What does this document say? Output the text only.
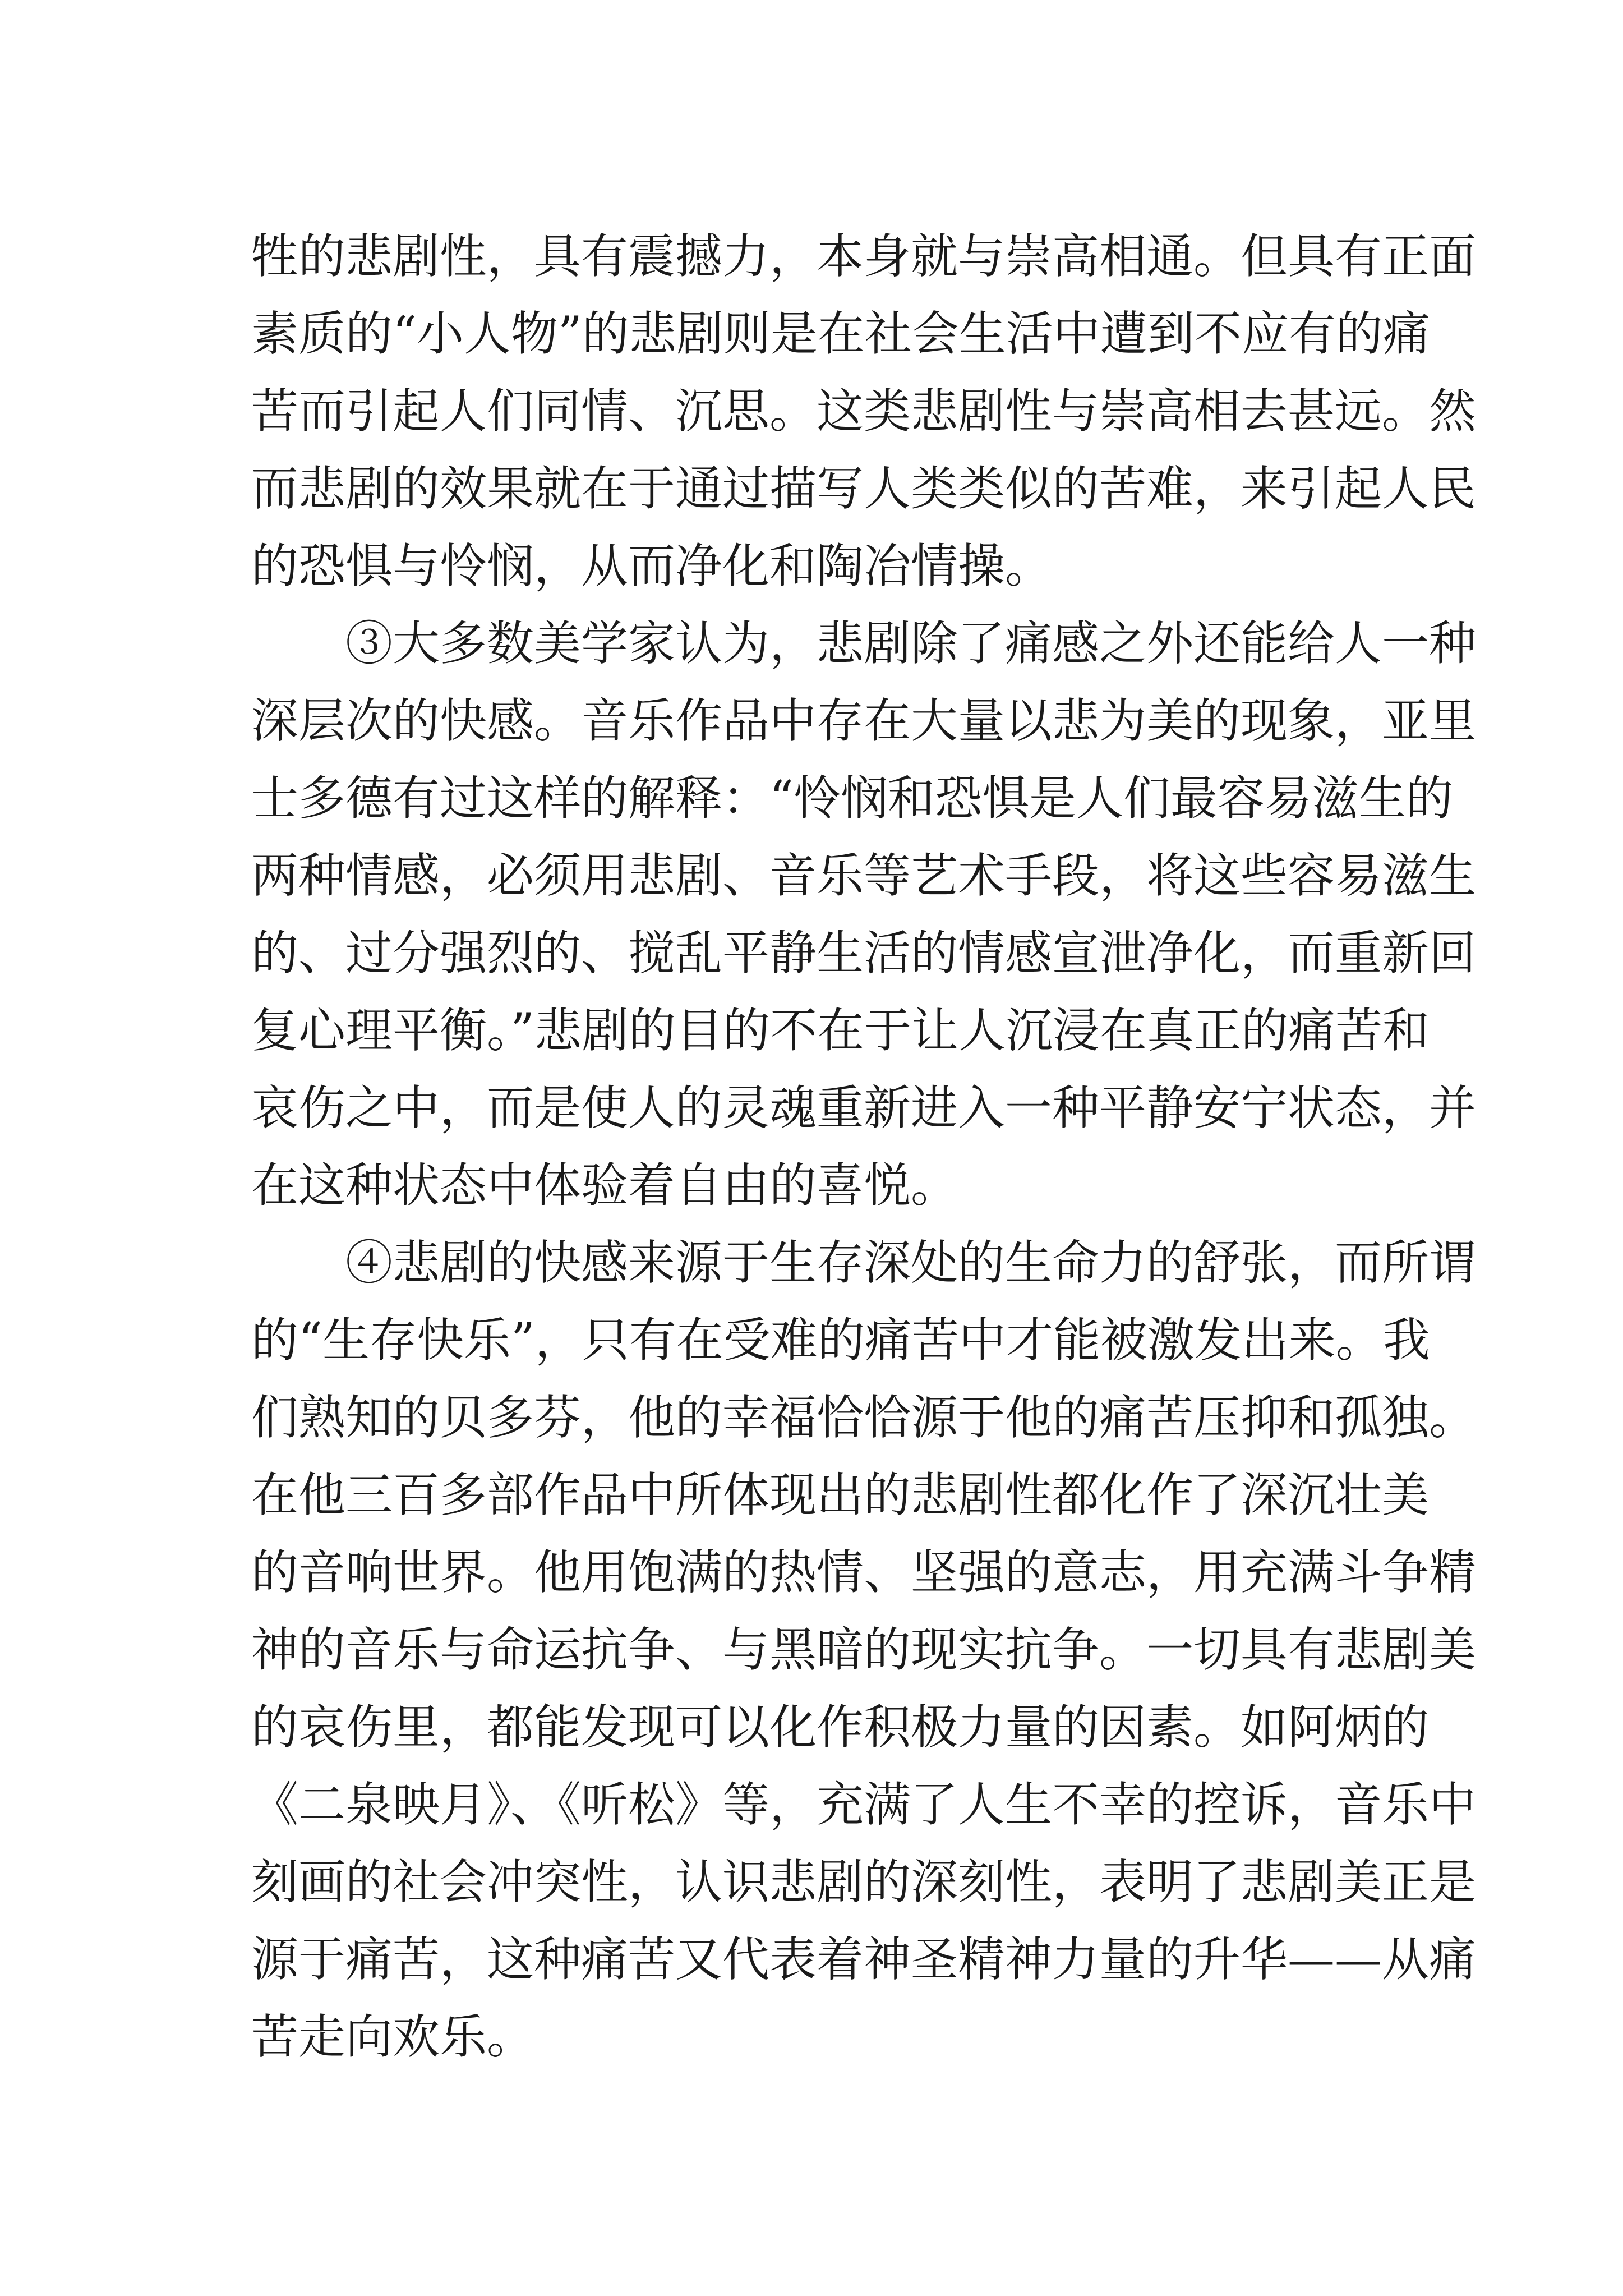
牲的悲剧性，具有震撼力，本身就与崇高相通。但具有正面
素质的“小人物”的悲剧则是在社会生活中遭到不应有的痛
苦而引起人们同情、沉思。这类悲剧性与崇高相去甚远。然
而悲剧的效果就在于通过描写人类类似的苦难，来引起人民
的恐惧与怜悯，从而净化和陶冶情操。
③大多数美学家认为，悲剧除了痛感之外还能给人一种
深层次的快感。音乐作品中存在大量以悲为美的现象，亚里
士多德有过这样的解释：“怜悯和恐惧是人们最容易滋生的
两种情感，必须用悲剧、音乐等艺术手段，将这些容易滋生
的、过分强烈的、搅乱平静生活的情感宣泄净化，而重新回
复心理平衡。”悲剧的目的不在于让人沉浸在真正的痛苦和
哀伤之中，而是使人的灵魂重新进入一种平静安宁状态，并
在这种状态中体验着自由的喜悦。
④悲剧的快感来源于生存深处的生命力的舒张，而所谓
的“生存快乐”，只有在受难的痛苦中才能被激发出来。我
们熟知的贝多芬，他的幸福恰恰源于他的痛苦压抑和孤独。
在他三百多部作品中所体现出的悲剧性都化作了深沉壮美
的音响世界。他用饱满的热情、坚强的意志，用充满斗争精
神的音乐与命运抗争、与黑暗的现实抗争。一切具有悲剧美
的哀伤里，都能发现可以化作积极力量的因素。如阿炳的
《二泉映月》、《听松》等，充满了人生不幸的控诉，音乐中
刻画的社会冲突性，认识悲剧的深刻性，表明了悲剧美正是
源于痛苦，这种痛苦又代表着神圣精神力量的升华——从痛
苦走向欢乐。
